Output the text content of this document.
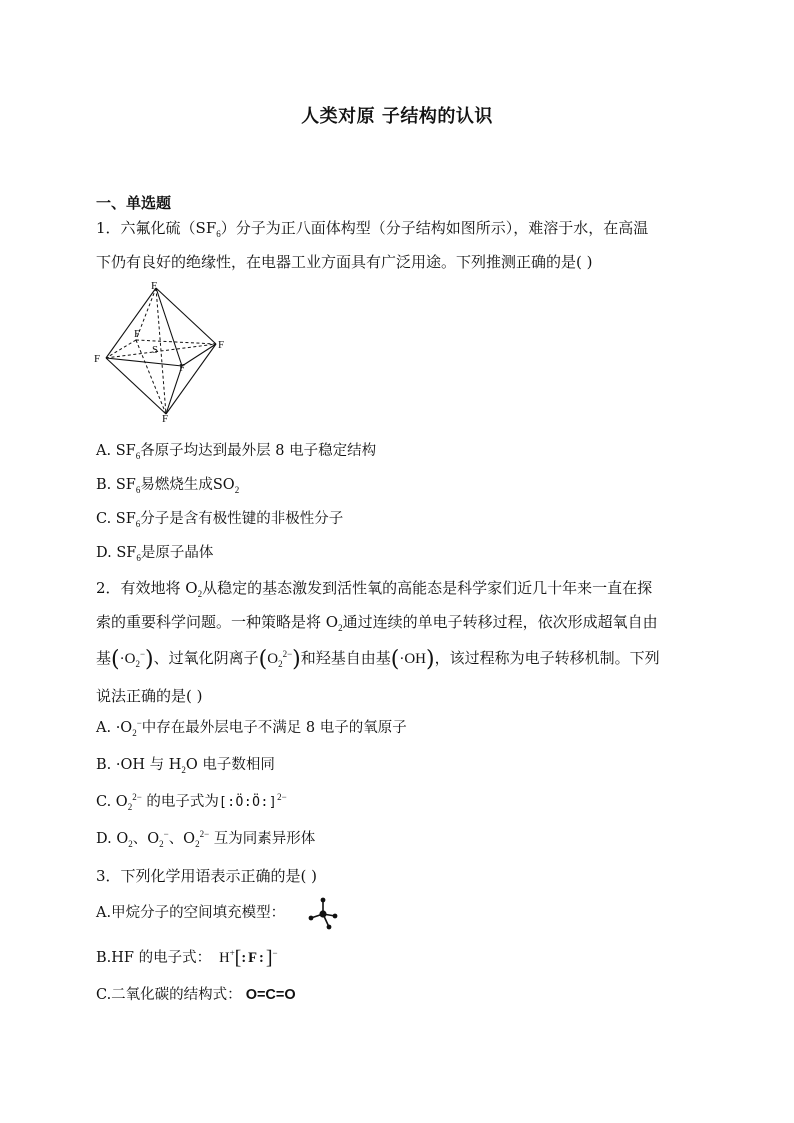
人类对原 子结构的认识
一、单选题
1．六氟化硫$(SF_6)$分子为正八面体构型（分子结构如图所示），难溶于水，在高温
下仍有良好的绝缘性，在电器工业方面具有广泛用途。下列推测正确的是( )
F
F
F
F
F
F
S
A. $SF_6$各原子均达到最外层 8 电子稳定结构
B. $SF_6$易燃烧生成$SO_2$
C. $SF_6$分子是含有极性键的非极性分子
D. $SF_6$是原子晶体
2．有效地将 $O_2$从稳定的基态激发到活性氧的高能态是科学家们近几十年来一直在探
索的重要科学问题。一种策略是将 $O_2$通过连续的单电子转移过程，依次形成超氧自由
基$(\cdot O_2^-)$、过氧化阴离子$(O_2^{2-})$和羟基自由基(·OH)，该过程称为电子转移机制。下列
说法正确的是( )
A. $\cdot O_2^-$中存在最外层电子不满足 8 电子的氧原子
B. ·OH 与 $H_2O$ 电子数相同
C. $O_2^{2-}$ 的电子式为[:Ö:Ö:]$^{2-}$
D. $O_2$、$O_2^-$、$O_2^{2-}$ 互为同素异形体
3．下列化学用语表示正确的是( )
A.甲烷分子的空间填充模型：
B.HF 的电子式： H+[:F:]−
C.二氧化碳的结构式： O=C=O
